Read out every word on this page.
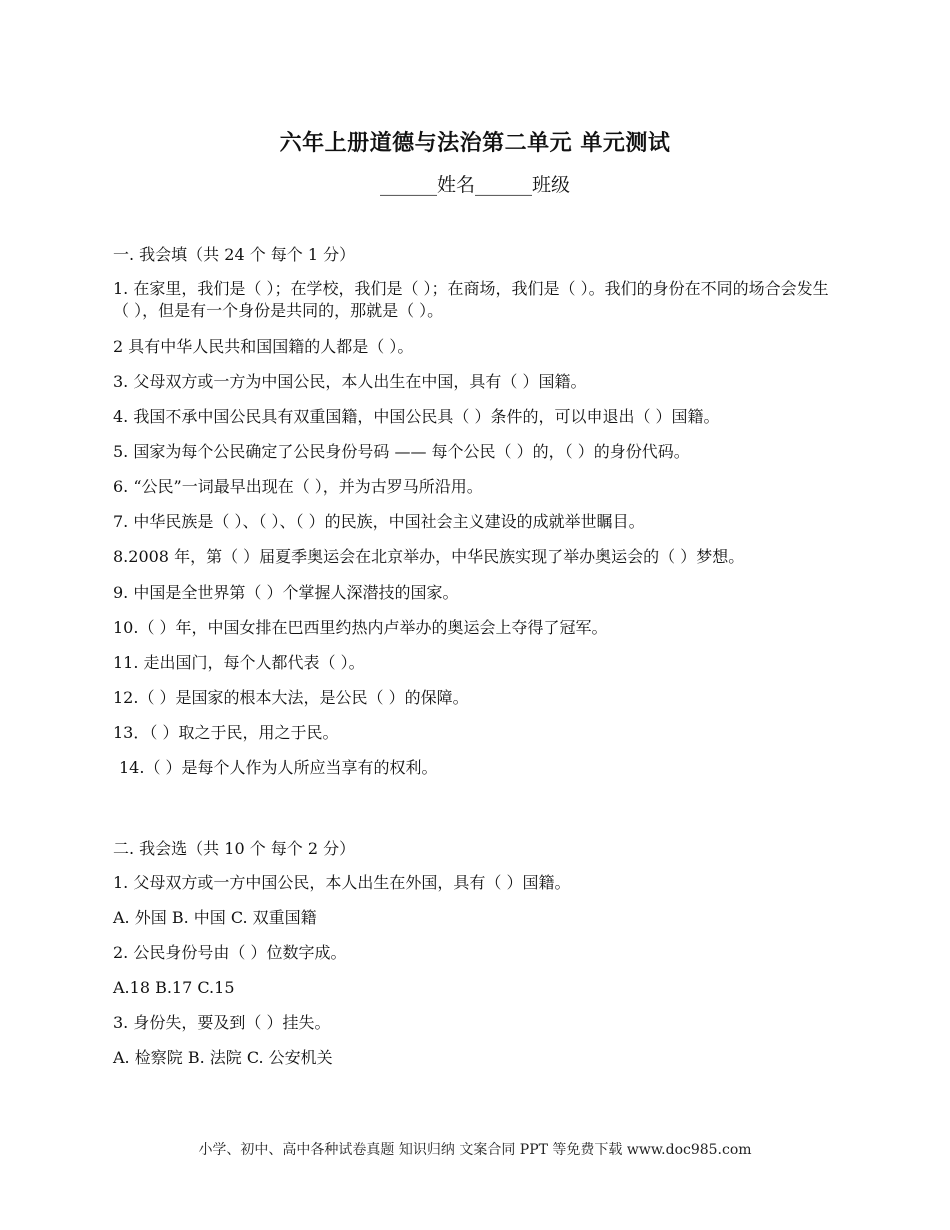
六年上册道德与法治第二单元 单元测试
______姓名______班级
一. 我会填（共 24 个 每个 1 分）
1. 在家里，我们是（ ）；在学校，我们是（ ）；在商场，我们是（ ）。我们的身份在不同的场合会发生（ ），但是有一个身份是共同的，那就是（ ）。
2 具有中华人民共和国国籍的人都是（ ）。
3. 父母双方或一方为中国公民，本人出生在中国，具有（ ）国籍。
4. 我国不承中国公民具有双重国籍，中国公民具（ ）条件的，可以申退出（ ）国籍。
5. 国家为每个公民确定了公民身份号码 —— 每个公民（ ）的，（ ）的身份代码。
6. “公民”一词最早出现在（ ），并为古罗马所沿用。
7. 中华民族是（ ）、（ ）、（ ）的民族，中国社会主义建设的成就举世瞩目。
8.2008 年，第（ ）届夏季奥运会在北京举办，中华民族实现了举办奥运会的（ ）梦想。
9. 中国是全世界第（ ）个掌握人深潜技的国家。
10.（ ）年，中国女排在巴西里约热内卢举办的奥运会上夺得了冠军。
11. 走出国门，每个人都代表（ ）。
12.（ ）是国家的根本大法，是公民（ ）的保障。
13．（ ）取之于民，用之于民。
14.（ ）是每个人作为人所应当享有的权利。
二. 我会选（共 10 个 每个 2 分）
1. 父母双方或一方中国公民，本人出生在外国，具有（ ）国籍。
A. 外国 B. 中国 C. 双重国籍
2. 公民身份号由（ ）位数字成。
A.18 B.17 C.15
3. 身份失，要及到（ ）挂失。
A. 检察院 B. 法院 C. 公安机关
小学、初中、高中各种试卷真题 知识归纳 文案合同 PPT 等免费下载 www.doc985.com
